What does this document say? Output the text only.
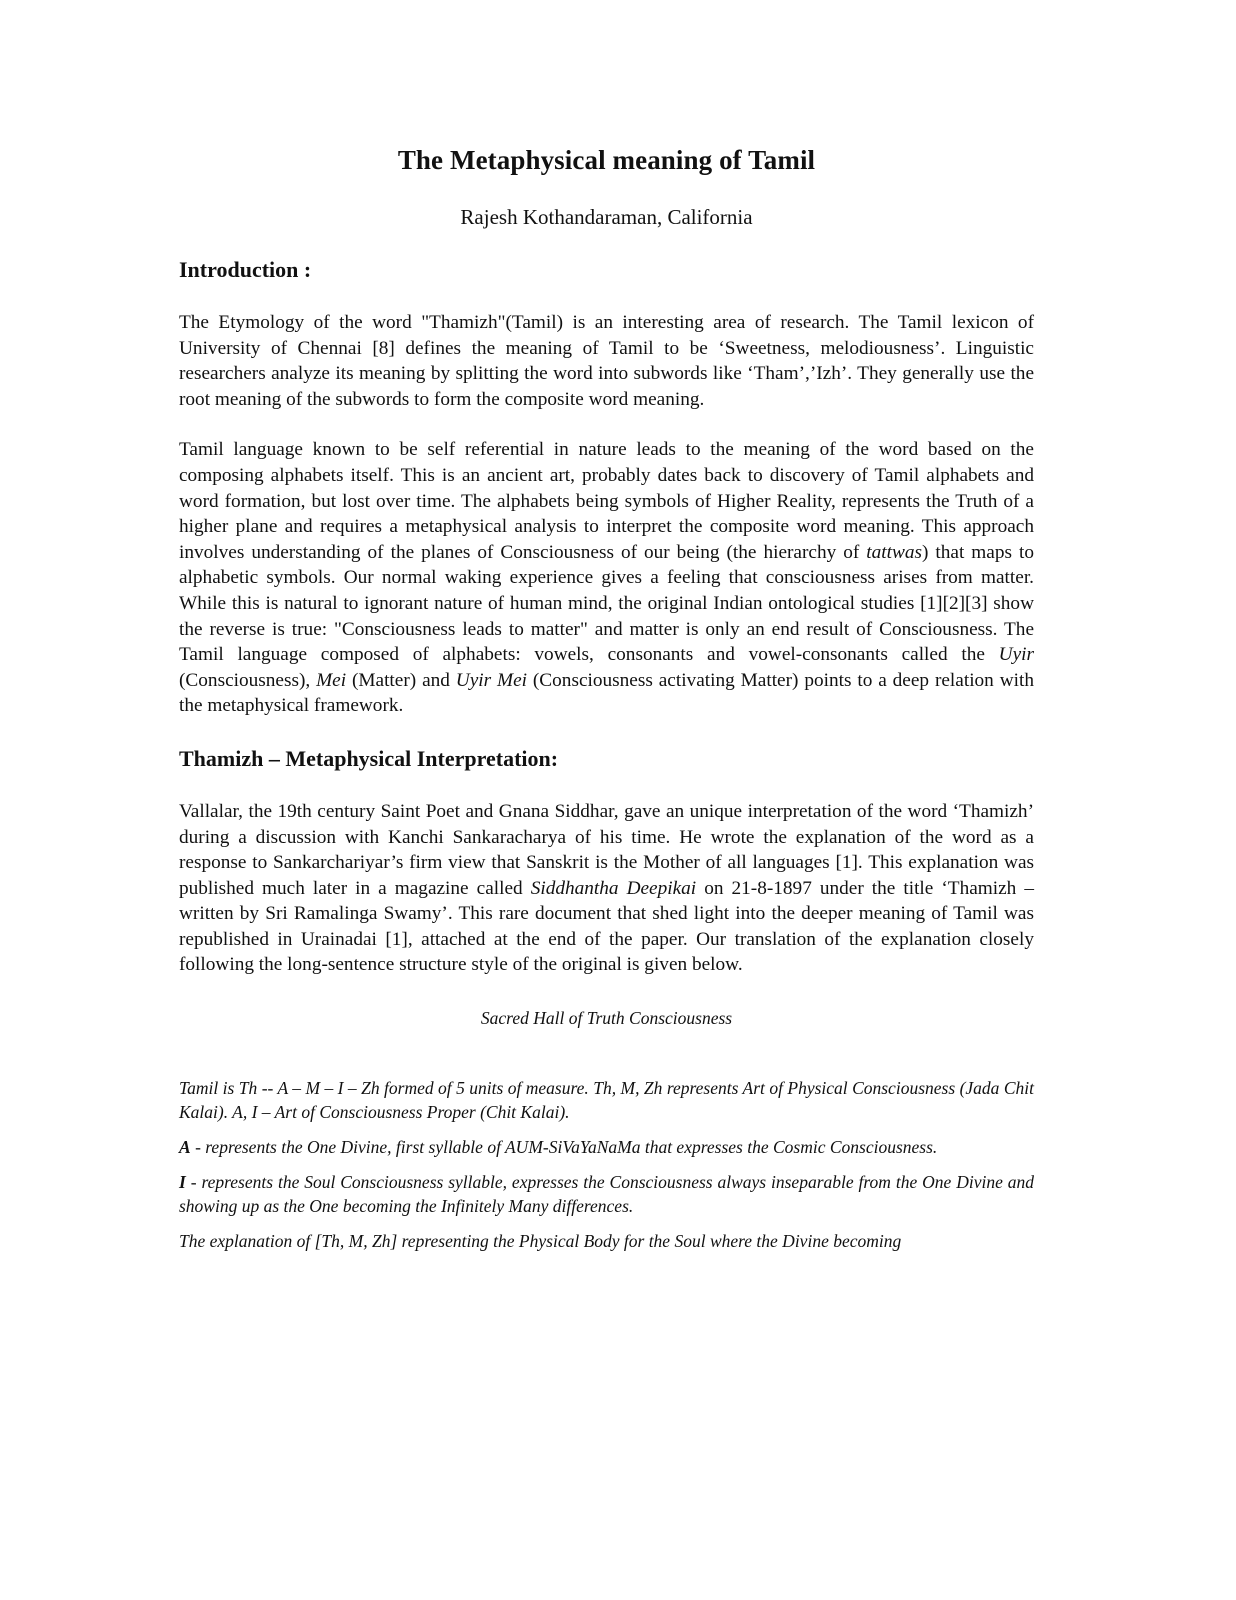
The Metaphysical meaning of Tamil
Rajesh Kothandaraman, California
Introduction :

The Etymology of the word "Thamizh"(Tamil) is an interesting area of research. The Tamil lexicon of University of Chennai [8] defines the meaning of Tamil to be ‘Sweetness, melodiousness’. Linguistic researchers analyze its meaning by splitting the word into subwords like ‘Tham’,’Izh’. They generally use the root meaning of the subwords to form the composite word meaning.

Tamil language known to be self referential in nature leads to the meaning of the word based on the composing alphabets itself. This is an ancient art, probably dates back to discovery of Tamil alphabets and word formation, but lost over time. The alphabets being symbols of Higher Reality, represents the Truth of a higher plane and requires a metaphysical analysis to interpret the composite word meaning. This approach involves understanding of the planes of Consciousness of our being (the hierarchy of tattwas) that maps to alphabetic symbols. Our normal waking experience gives a feeling that consciousness arises from matter. While this is natural to ignorant nature of human mind, the original Indian ontological studies [1][2][3] show the reverse is true: "Consciousness leads to matter" and matter is only an end result of Consciousness. The Tamil language composed of alphabets: vowels, consonants and vowel-consonants called the Uyir (Consciousness), Mei (Matter) and Uyir Mei (Consciousness activating Matter) points to a deep relation with the metaphysical framework.

Thamizh – Metaphysical Interpretation:

Vallalar, the 19th century Saint Poet and Gnana Siddhar, gave an unique interpretation of the word ‘Thamizh’ during a discussion with Kanchi Sankaracharya of his time. He wrote the explanation of the word as a response to Sankarchariyar’s firm view that Sanskrit is the Mother of all languages [1]. This explanation was published much later in a magazine called Siddhantha Deepikai on 21-8-1897 under the title ‘Thamizh – written by Sri Ramalinga Swamy’. This rare document that shed light into the deeper meaning of Tamil was republished in Urainadai [1], attached at the end of the paper. Our translation of the explanation closely following the long-sentence structure style of the original is given below.

Sacred Hall of Truth Consciousness

Tamil is Th -- A – M – I – Zh formed of 5 units of measure. Th, M, Zh represents Art of Physical Consciousness (Jada Chit Kalai). A, I – Art of Consciousness Proper (Chit Kalai).

A - represents the One Divine, first syllable of AUM-SiVaYaNaMa that expresses the Cosmic Consciousness.

I - represents the Soul Consciousness syllable, expresses the Consciousness always inseparable from the One Divine and showing up as the One becoming the Infinitely Many differences.

The explanation of [Th, M, Zh] representing the Physical Body for the Soul where the Divine becoming
